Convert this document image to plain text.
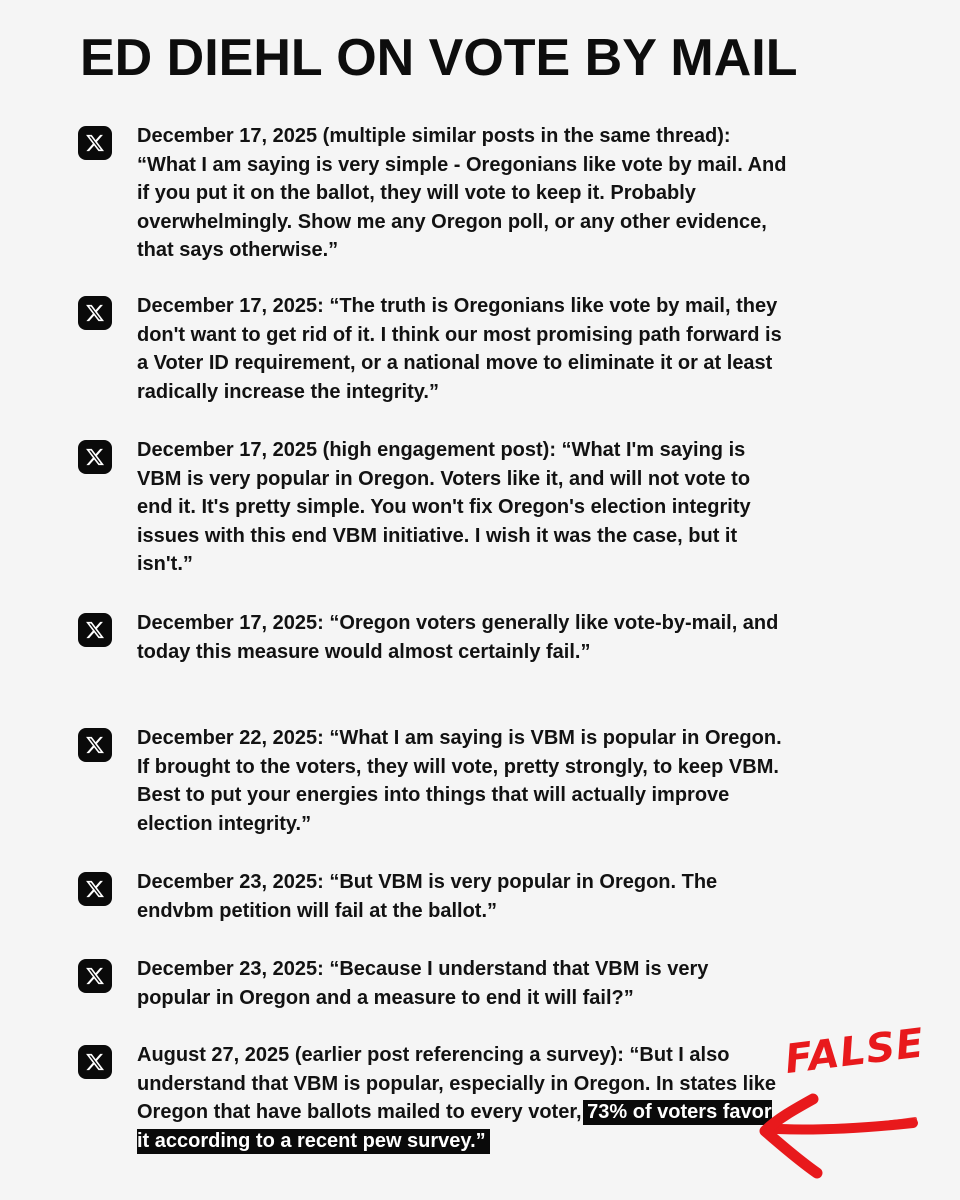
ED DIEHL ON VOTE BY MAIL

December 17, 2025 (multiple similar posts in the same thread): “What I am saying is very simple - Oregonians like vote by mail. And if you put it on the ballot, they will vote to keep it. Probably overwhelmingly. Show me any Oregon poll, or any other evidence, that says otherwise.”

December 17, 2025: “The truth is Oregonians like vote by mail, they don't want to get rid of it. I think our most promising path forward is a Voter ID requirement, or a national move to eliminate it or at least radically increase the integrity.”

December 17, 2025 (high engagement post): “What I'm saying is VBM is very popular in Oregon. Voters like it, and will not vote to end it. It's pretty simple. You won't fix Oregon's election integrity issues with this end VBM initiative. I wish it was the case, but it isn't.”

December 17, 2025: “Oregon voters generally like vote-by-mail, and today this measure would almost certainly fail.”

December 22, 2025: “What I am saying is VBM is popular in Oregon. If brought to the voters, they will vote, pretty strongly, to keep VBM. Best to put your energies into things that will actually improve election integrity.”

December 23, 2025: “But VBM is very popular in Oregon. The endvbm petition will fail at the ballot.”

December 23, 2025: “Because I understand that VBM is very popular in Oregon and a measure to end it will fail?”

August 27, 2025 (earlier post referencing a survey): “But I also understand that VBM is popular, especially in Oregon. In states like Oregon that have ballots mailed to every voter, 73% of voters favor it according to a recent pew survey.”

FALSE
